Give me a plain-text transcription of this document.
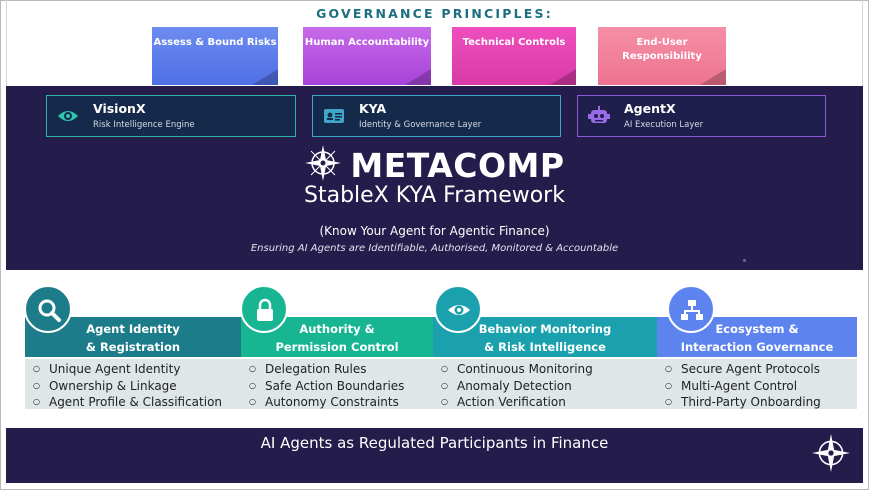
GOVERNANCE PRINCIPLES:
Assess & Bound Risks	Human Accountability	Technical Controls	End-User
Responsibility
VisionX
Risk Intelligence Engine
KYA
Identity & Governance Layer
AgentX
AI Execution Layer
METACOMP
StableX KYA Framework
(Know Your Agent for Agentic Finance)
Ensuring AI Agents are Identifiable, Authorised, Monitored & Accountable
Agent Identity
& Registration
Authority &
Permission Control
Behavior Monitoring
& Risk Intelligence
Ecosystem &
Interaction Governance
○ Unique Agent Identity
○ Ownership & Linkage
○ Agent Profile & Classification
○ Delegation Rules
○ Safe Action Boundaries
○ Autonomy Constraints
○ Continuous Monitoring
○ Anomaly Detection
○ Action Verification
○ Secure Agent Protocols
○ Multi-Agent Control
○ Third-Party Onboarding
AI Agents as Regulated Participants in Finance
